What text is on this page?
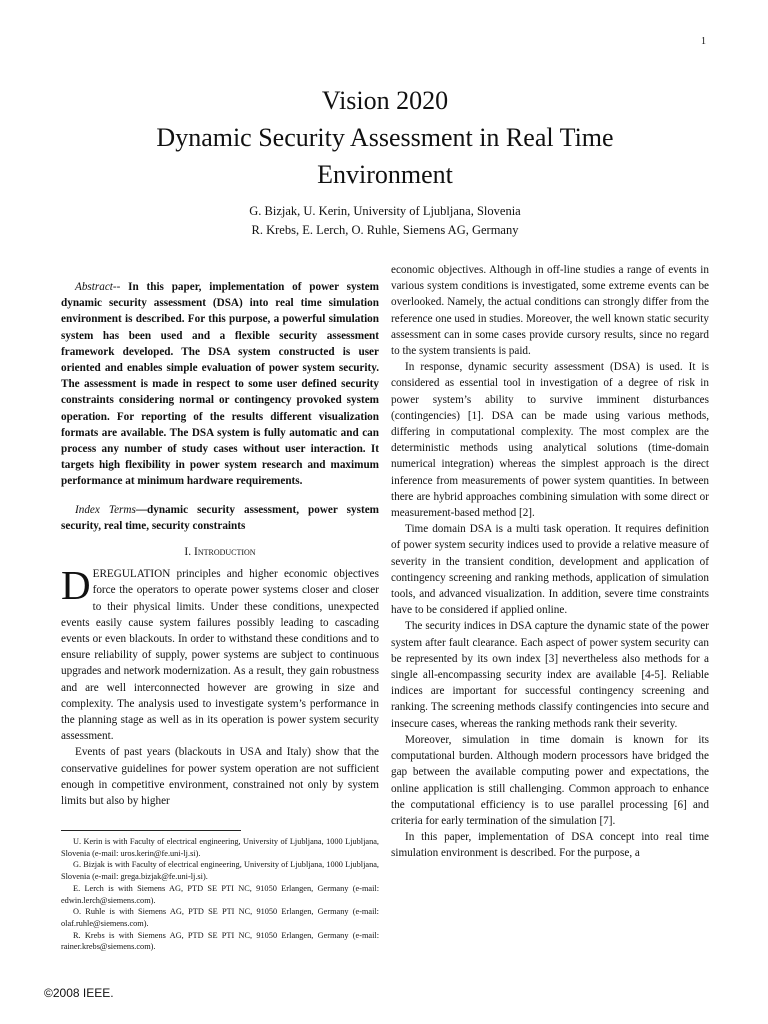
1
Vision 2020
Dynamic Security Assessment in Real Time
Environment
G. Bizjak, U. Kerin, University of Ljubljana, Slovenia
R. Krebs, E. Lerch, O. Ruhle, Siemens AG, Germany

Abstract-- In this paper, implementation of power system dynamic security assessment (DSA) into real time simulation environment is described. For this purpose, a powerful simulation system has been used and a flexible security assessment framework developed. The DSA system constructed is user oriented and enables simple evaluation of power system security. The assessment is made in respect to some user defined security constraints considering normal or contingency provoked system operation. For reporting of the results different visualization formats are available. The DSA system is fully automatic and can process any number of study cases without user interaction. It targets high flexibility in power system research and maximum performance at minimum hardware requirements.

Index Terms—dynamic security assessment, power system security, real time, security constraints

I. Introduction

DEREGULATION principles and higher economic objectives force the operators to operate power systems closer and closer to their physical limits. Under these conditions, unexpected events easily cause system failures possibly leading to cascading events or even blackouts. In order to withstand these conditions and to ensure reliability of supply, power systems are subject to continuous upgrades and network modernization. As a result, they gain robustness and are well interconnected however are growing in size and complexity. The analysis used to investigate system’s performance in the planning stage as well as in its operation is power system security assessment.

Events of past years (blackouts in USA and Italy) show that the conservative guidelines for power system operation are not sufficient enough in competitive environment, constrained not only by system limits but also by higher

economic objectives. Although in off-line studies a range of events in various system conditions is investigated, some extreme events can be overlooked. Namely, the actual conditions can strongly differ from the reference one used in studies. Moreover, the well known static security assessment can in some cases provide cursory results, since no regard to the system transients is paid.

In response, dynamic security assessment (DSA) is used. It is considered as essential tool in investigation of a degree of risk in power system’s ability to survive imminent disturbances (contingencies) [1]. DSA can be made using various methods, differing in computational complexity. The most complex are the deterministic methods using analytical solutions (time-domain numerical integration) whereas the simplest approach is the direct inference from measurements of power system quantities. In between there are hybrid approaches combining simulation with some direct or measurement-based method [2].

Time domain DSA is a multi task operation. It requires definition of power system security indices used to provide a relative measure of severity in the transient condition, development and application of contingency screening and ranking methods, application of simulation tools, and advanced visualization. In addition, severe time constraints have to be considered if applied online.

The security indices in DSA capture the dynamic state of the power system after fault clearance. Each aspect of power system security can be represented by its own index [3] nevertheless also methods for a single all-encompassing security index are available [4-5]. Reliable indices are important for successful contingency screening and ranking. The screening methods classify contingencies into secure and insecure cases, whereas the ranking methods rank their severity.

Moreover, simulation in time domain is known for its computational burden. Although modern processors have bridged the gap between the available computing power and expectations, the online application is still challenging. Common approach to enhance the computational efficiency is to use parallel processing [6] and criteria for early termination of the simulation [7].

In this paper, implementation of DSA concept into real time simulation environment is described. For the purpose, a

U. Kerin is with Faculty of electrical engineering, University of Ljubljana, 1000 Ljubljana, Slovenia (e-mail: uros.kerin@fe.uni-lj.si).

G. Bizjak is with Faculty of electrical engineering, University of Ljubljana, 1000 Ljubljana, Slovenia (e-mail: grega.bizjak@fe.uni-lj.si).

E. Lerch is with Siemens AG, PTD SE PTI NC, 91050 Erlangen, Germany (e-mail: edwin.lerch@siemens.com).

O. Ruhle is with Siemens AG, PTD SE PTI NC, 91050 Erlangen, Germany (e-mail: olaf.ruhle@siemens.com).

R. Krebs is with Siemens AG, PTD SE PTI NC, 91050 Erlangen, Germany (e-mail: rainer.krebs@siemens.com).

©2008 IEEE.
